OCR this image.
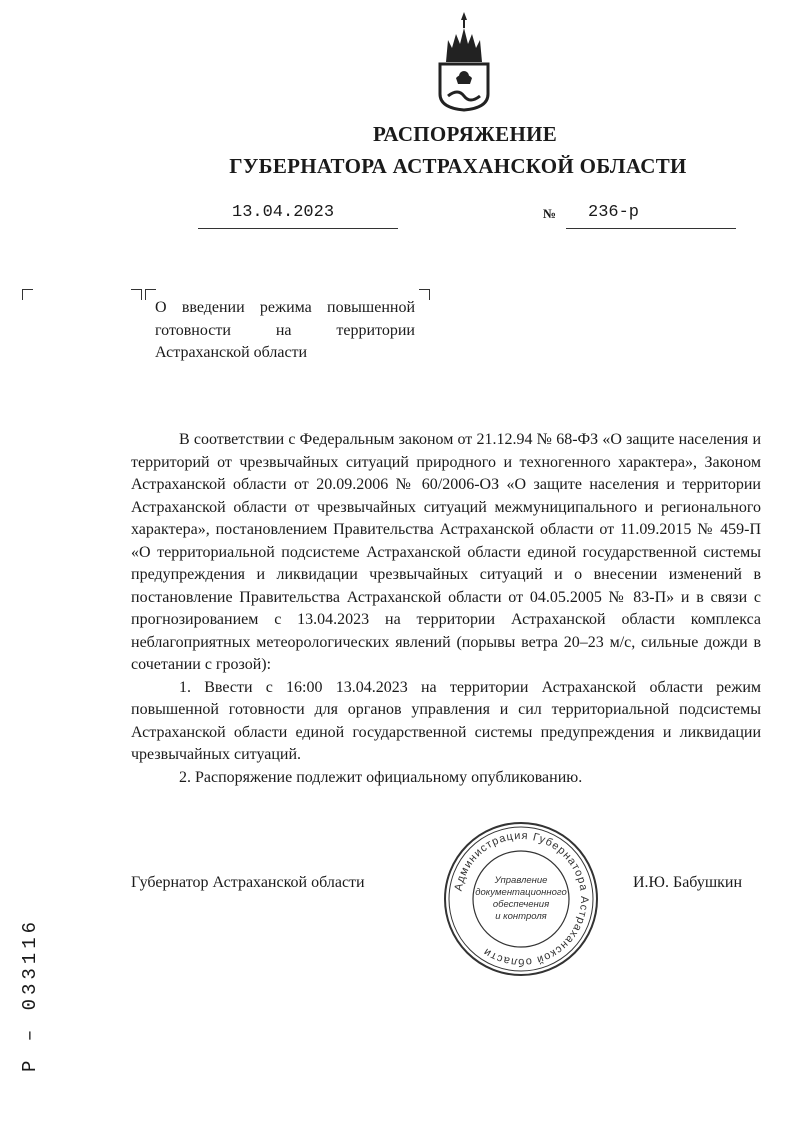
РАСПОРЯЖЕНИЕ
ГУБЕРНАТОРА АСТРАХАНСКОЙ ОБЛАСТИ
13.04.2023	№ 236-р
О введении режима повышенной готовности на территории Астраханской области

В соответствии с Федеральным законом от 21.12.94 № 68-ФЗ «О защите населения и территорий от чрезвычайных ситуаций природного и техногенного характера», Законом Астраханской области от 20.09.2006 № 60/2006-ОЗ «О защите населения и территории Астраханской области от чрезвычайных ситуаций межмуниципального и регионального характера», постановлением Правительства Астраханской области от 11.09.2015 № 459-П «О территориальной подсистеме Астраханской области единой государственной системы предупреждения и ликвидации чрезвычайных ситуаций и о внесении изменений в постановление Правительства Астраханской области от 04.05.2005 № 83-П» и в связи с прогнозированием с 13.04.2023 на территории Астраханской области комплекса неблагоприятных метеорологических явлений (порывы ветра 20–23 м/с, сильные дожди в сочетании с грозой):

1. Ввести с 16:00 13.04.2023 на территории Астраханской области режим повышенной готовности для органов управления и сил территориальной подсистемы Астраханской области единой государственной системы предупреждения и ликвидации чрезвычайных ситуаций.

2. Распоряжение подлежит официальному опубликованию.

Губернатор Астраханской области	И.Ю. Бабушкин
Администрация Губернатора Астраханской области
Управление
документационного
обеспечения
и контроля
Р – 033116
